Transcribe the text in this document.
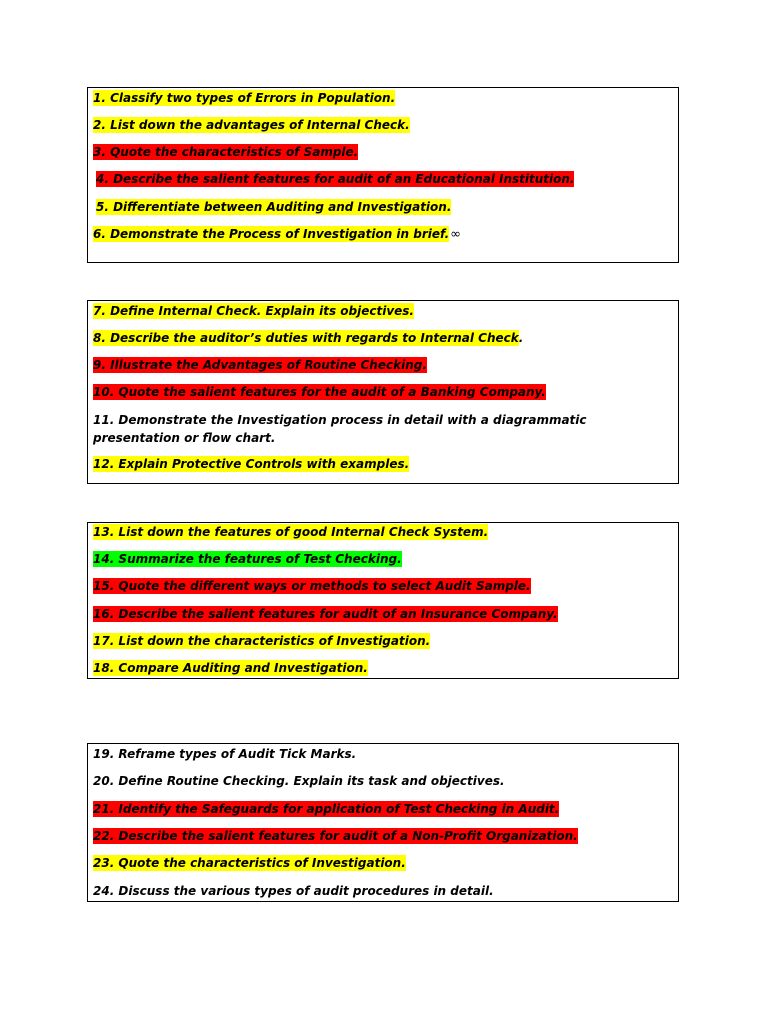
1. Classify two types of Errors in Population.

2. List down the advantages of Internal Check.

3. Quote the characteristics of Sample.

4. Describe the salient features for audit of an Educational Institution.

5. Differentiate between Auditing and Investigation.

6. Demonstrate the Process of Investigation in brief.∞

7. Define Internal Check. Explain its objectives.

8. Describe the auditor’s duties with regards to Internal Check.

9. Illustrate the Advantages of Routine Checking.

10. Quote the salient features for the audit of a Banking Company.

11. Demonstrate the Investigation process in detail with a diagrammatic presentation or flow chart.

12. Explain Protective Controls with examples.

13. List down the features of good Internal Check System.

14. Summarize the features of Test Checking.

15. Quote the different ways or methods to select Audit Sample.

16. Describe the salient features for audit of an Insurance Company.

17. List down the characteristics of Investigation.

18. Compare Auditing and Investigation.

19. Reframe types of Audit Tick Marks.

20. Define Routine Checking. Explain its task and objectives.

21. Identify the Safeguards for application of Test Checking in Audit.

22. Describe the salient features for audit of a Non-Profit Organization.

23. Quote the characteristics of Investigation.

24. Discuss the various types of audit procedures in detail.
